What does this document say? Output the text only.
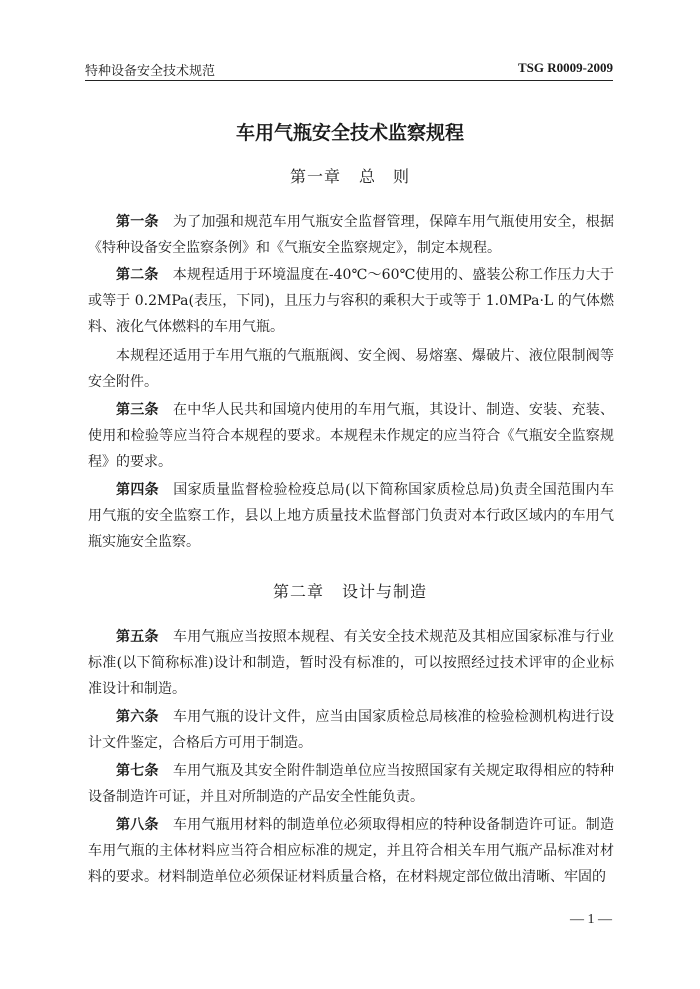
特种设备安全技术规范	TSG R0009-2009
车用气瓶安全技术监察规程
第一章 总　则

第一条　 为了加强和规范车用气瓶安全监督管理，保障车用气瓶使用安全，根据《特种设备安全监察条例》和《气瓶安全监察规定》，制定本规程。

第二条　 本规程适用于环境温度在-40℃～60℃使用的、盛装公称工作压力大于或等于 0.2MPa(表压，下同)，且压力与容积的乘积大于或等于 1.0MPa·L 的气体燃料、液化气体燃料的车用气瓶。

本规程还适用于车用气瓶的气瓶瓶阀、安全阀、易熔塞、爆破片、液位限制阀等安全附件。

第三条　 在中华人民共和国境内使用的车用气瓶，其设计、制造、安装、充装、使用和检验等应当符合本规程的要求。本规程未作规定的应当符合《气瓶安全监察规程》的要求。

第四条　 国家质量监督检验检疫总局(以下简称国家质检总局)负责全国范围内车用气瓶的安全监察工作，县以上地方质量技术监督部门负责对本行政区域内的车用气瓶实施安全监察。

第二章 设计与制造

第五条　 车用气瓶应当按照本规程、有关安全技术规范及其相应国家标准与行业标准(以下简称标准)设计和制造，暂时没有标准的，可以按照经过技术评审的企业标准设计和制造。

第六条　 车用气瓶的设计文件，应当由国家质检总局核准的检验检测机构进行设计文件鉴定，合格后方可用于制造。

第七条　 车用气瓶及其安全附件制造单位应当按照国家有关规定取得相应的特种设备制造许可证，并且对所制造的产品安全性能负责。

第八条　 车用气瓶用材料的制造单位必须取得相应的特种设备制造许可证。制造车用气瓶的主体材料应当符合相应标准的规定，并且符合相关车用气瓶产品标准对材料的要求。材料制造单位必须保证材料质量合格，在材料规定部位做出清晰、牢固的

— 1 —
